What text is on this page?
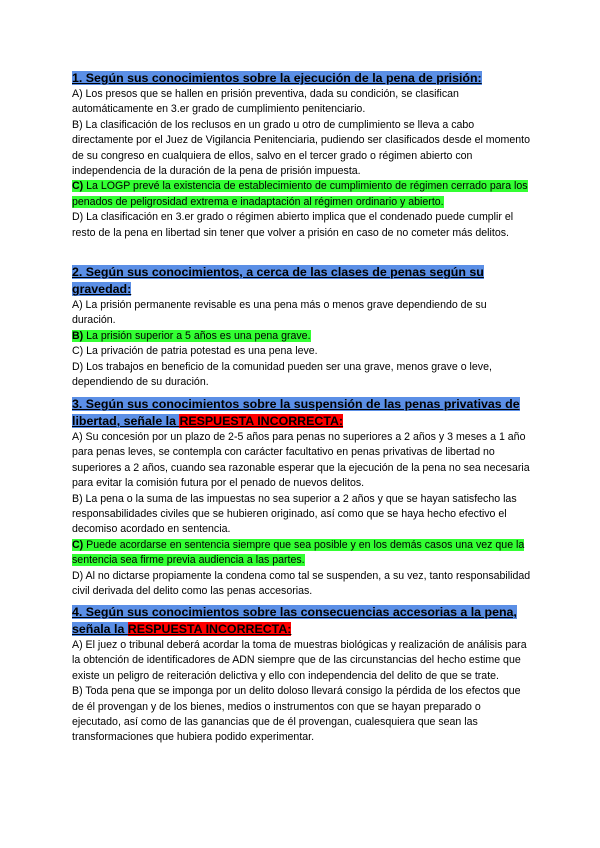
1. Según sus conocimientos sobre la ejecución de la pena de prisión:

A) Los presos que se hallen en prisión preventiva, dada su condición, se clasifican automáticamente en 3.er grado de cumplimiento penitenciario.

B) La clasificación de los reclusos en un grado u otro de cumplimiento se lleva a cabo directamente por el Juez de Vigilancia Penitenciaria, pudiendo ser clasificados desde el momento de su congreso en cualquiera de ellos, salvo en el tercer grado o régimen abierto con independencia de la duración de la pena de prisión impuesta.

C) La LOGP prevé la existencia de establecimiento de cumplimiento de régimen cerrado para los penados de peligrosidad extrema e inadaptación al régimen ordinario y abierto.

D) La clasificación en 3.er grado o régimen abierto implica que el condenado puede cumplir el resto de la pena en libertad sin tener que volver a prisión en caso de no cometer más delitos.

2. Según sus conocimientos, a cerca de las clases de penas según su gravedad:

A) La prisión permanente revisable es una pena más o menos grave dependiendo de su duración.

B) La prisión superior a 5 años es una pena grave.

C) La privación de patria potestad es una pena leve.

D) Los trabajos en beneficio de la comunidad pueden ser una grave, menos grave o leve, dependiendo de su duración.

3. Según sus conocimientos sobre la suspensión de las penas privativas de libertad, señale la RESPUESTA INCORRECTA:

A) Su concesión por un plazo de 2-5 años para penas no superiores a 2 años y 3 meses a 1 año para penas leves, se contempla con carácter facultativo en penas privativas de libertad no superiores a 2 años, cuando sea razonable esperar que la ejecución de la pena no sea necesaria para evitar la comisión futura por el penado de nuevos delitos.

B) La pena o la suma de las impuestas no sea superior a 2 años y que se hayan satisfecho las responsabilidades civiles que se hubieren originado, así como que se haya hecho efectivo el decomiso acordado en sentencia.

C) Puede acordarse en sentencia siempre que sea posible y en los demás casos una vez que la sentencia sea firme previa audiencia a las partes.

D) Al no dictarse propiamente la condena como tal se suspenden, a su vez, tanto responsabilidad civil derivada del delito como las penas accesorias.

4. Según sus conocimientos sobre las consecuencias accesorias a la pena, señala la RESPUESTA INCORRECTA:

A) El juez o tribunal deberá acordar la toma de muestras biológicas y realización de análisis para la obtención de identificadores de ADN siempre que de las circunstancias del hecho estime que existe un peligro de reiteración delictiva y ello con independencia del delito de que se trate.

B) Toda pena que se imponga por un delito doloso llevará consigo la pérdida de los efectos que de él provengan y de los bienes, medios o instrumentos con que se hayan preparado o ejecutado, así como de las ganancias que de él provengan, cualesquiera que sean las transformaciones que hubiera podido experimentar.
